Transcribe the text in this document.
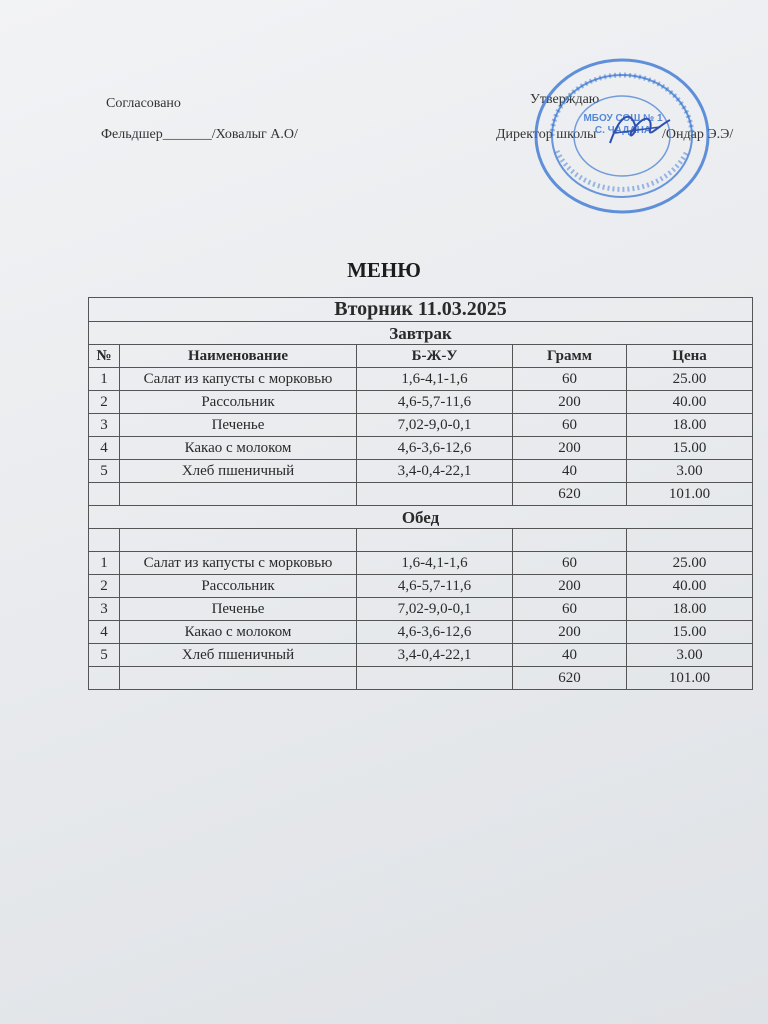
Согласовано
Фельдшер_______/Ховалыг А.О/
Утверждаю
Директор школы	/Ондар Э.Э/
МБОУ СОШ № 1 С. ЧАДАНА
МЕНЮ
Вторник 11.03.2025				
Завтрак				
№	Наименование	Б-Ж-У	Грамм	Цена
1	Салат из капусты с морковью	1,6-4,1-1,6	60	25.00
2	Рассольник	4,6-5,7-11,6	200	40.00
3	Печенье	7,02-9,0-0,1	60	18.00
4	Какао с молоком	4,6-3,6-12,6	200	15.00
5	Хлеб пшеничный	3,4-0,4-22,1	40	3.00
			620	101.00
Обед				

1	Салат из капусты с морковью	1,6-4,1-1,6	60	25.00
2	Рассольник	4,6-5,7-11,6	200	40.00
3	Печенье	7,02-9,0-0,1	60	18.00
4	Какао с молоком	4,6-3,6-12,6	200	15.00
5	Хлеб пшеничный	3,4-0,4-22,1	40	3.00
			620	101.00
